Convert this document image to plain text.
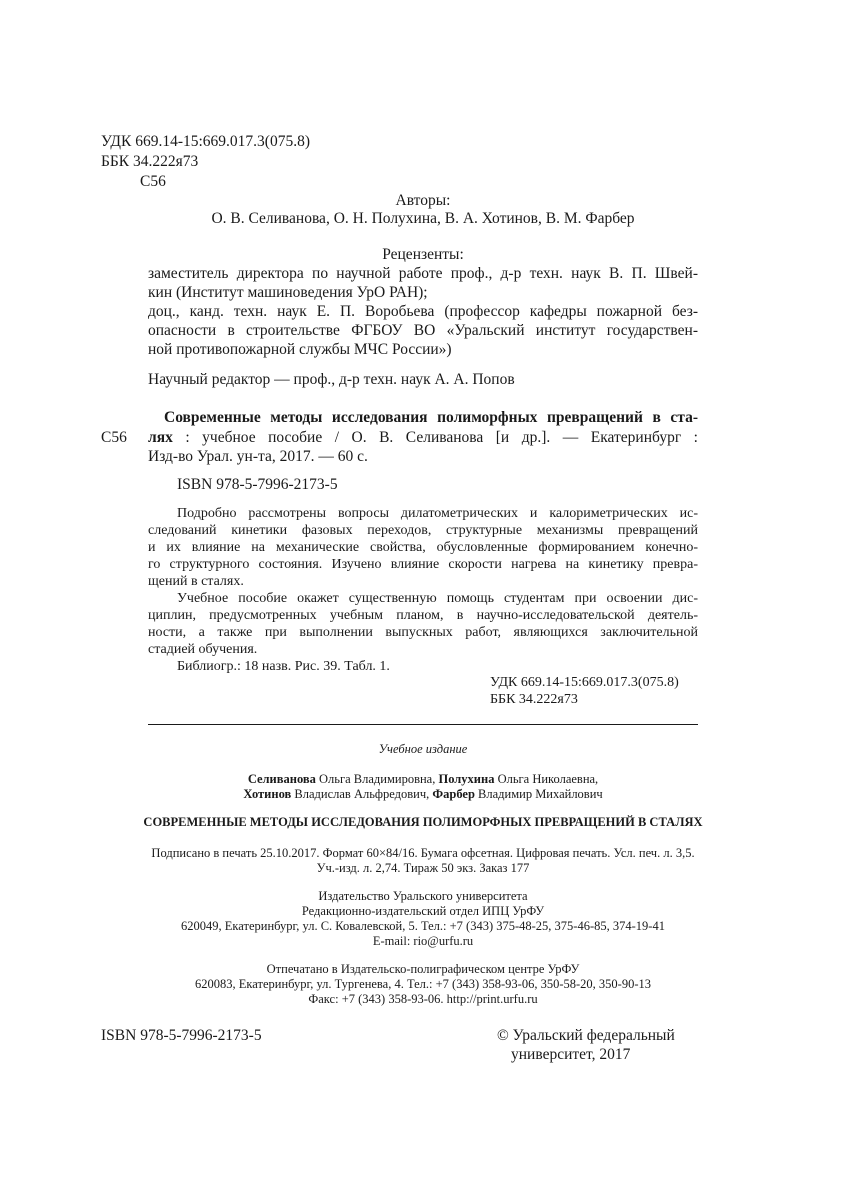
УДК 669.14-15:669.017.3(075.8)
ББК 34.222я73
С56
Авторы:
О. В. Селиванова, О. Н. Полухина, В. А. Хотинов, В. М. Фарбер
Рецензенты:
заместитель директора по научной работе проф., д-р техн. наук В. П. Швей-
кин (Институт машиноведения УрО РАН);
доц., канд. техн. наук Е. П. Воробьева (профессор кафедры пожарной без-
опасности в строительстве ФГБОУ ВО «Уральский институт государствен-
ной противопожарной службы МЧС России»)
Научный редактор — проф., д-р техн. наук А. А. Попов
Современные методы исследования полиморфных превращений в ста-
С56 лях : учебное пособие / О. В. Селиванова [и др.]. — Екатеринбург :
Изд-во Урал. ун-та, 2017. — 60 с.
ISBN 978-5-7996-2173-5
Подробно рассмотрены вопросы дилатометрических и калориметрических ис-
следований кинетики фазовых переходов, структурные механизмы превращений
и их влияние на механические свойства, обусловленные формированием конечно-
го структурного состояния. Изучено влияние скорости нагрева на кинетику превра-
щений в сталях.
Учебное пособие окажет существенную помощь студентам при освоении дис-
циплин, предусмотренных учебным планом, в научно-исследовательской деятель-
ности, а также при выполнении выпускных работ, являющихся заключительной
стадией обучения.
Библиогр.: 18 назв. Рис. 39. Табл. 1.
УДК 669.14-15:669.017.3(075.8)
ББК 34.222я73
Учебное издание
Селиванова Ольга Владимировна, Полухина Ольга Николаевна,
Хотинов Владислав Альфредович, Фарбер Владимир Михайлович
СОВРЕМЕННЫЕ МЕТОДЫ ИССЛЕДОВАНИЯ ПОЛИМОРФНЫХ ПРЕВРАЩЕНИЙ В СТАЛЯХ
Подписано в печать 25.10.2017. Формат 60×84/16. Бумага офсетная. Цифровая печать. Усл. печ. л. 3,5.
Уч.-изд. л. 2,74. Тираж 50 экз. Заказ 177
Издательство Уральского университета
Редакционно-издательский отдел ИПЦ УрФУ
620049, Екатеринбург, ул. С. Ковалевской, 5. Тел.: +7 (343) 375-48-25, 375-46-85, 374-19-41
E-mail: rio@urfu.ru
Отпечатано в Издательско-полиграфическом центре УрФУ
620083, Екатеринбург, ул. Тургенева, 4. Тел.: +7 (343) 358-93-06, 350-58-20, 350-90-13
Факс: +7 (343) 358-93-06. http://print.urfu.ru
ISBN 978-5-7996-2173-5	© Уральский федеральный
университет, 2017
